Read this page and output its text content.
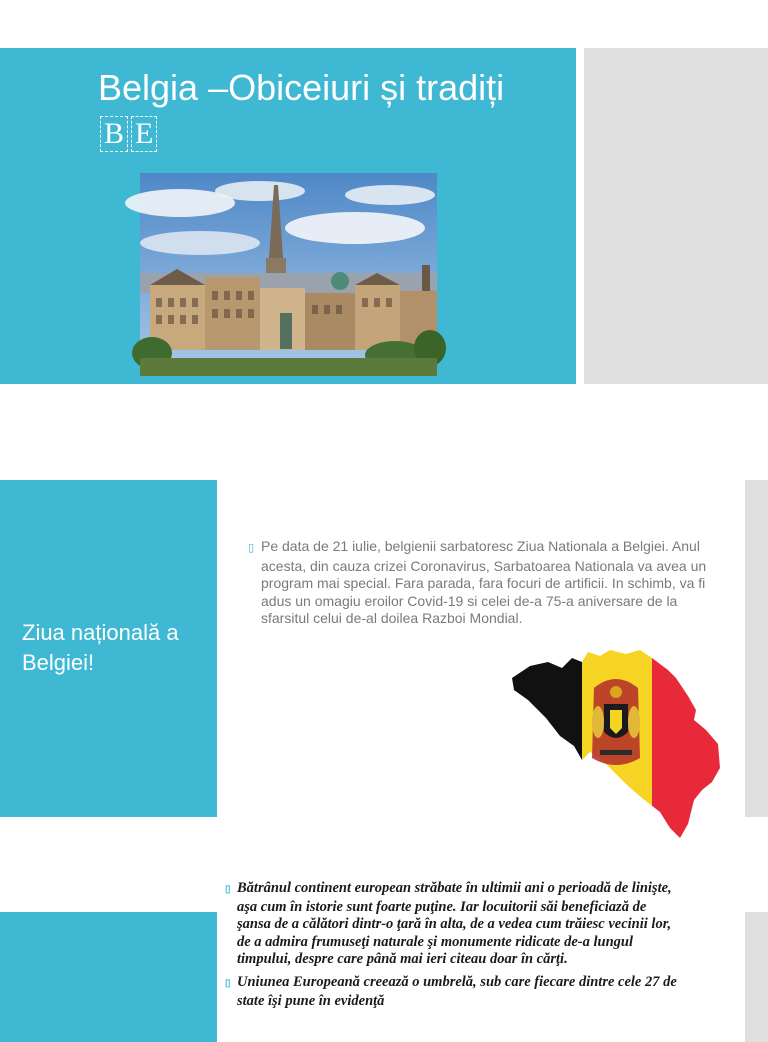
Belgia –Obiceiuri și tradițiB E
Ziua națională a Belgiei!

▯ Pe data de 21 iulie, belgienii sarbatoresc Ziua Nationala a Belgiei. Anul acesta, din cauza crizei Coronavirus, Sarbatoarea Nationala va avea un program mai special. Fara parada, fara focuri de artificii. In schimb, va fi adus un omagiu eroilor Covid-19 si celei de-a 75-a aniversare de la sfarsitul celui de-al doilea Razboi Mondial.

▯ Bătrânul continent european străbate în ultimii ani o perioadă de linişte, aşa cum în istorie sunt foarte puţine. Iar locuitorii săi beneficiază de şansa de a călători dintr-o ţară în alta, de a vedea cum trăiesc vecinii lor, de a admira frumuseţi naturale şi monumente ridicate de-a lungul timpului, despre care până mai ieri citeau doar în cărţi.

▯ Uniunea Europeană creează o umbrelă, sub care fiecare dintre cele 27 de state îşi pune în evidenţă
